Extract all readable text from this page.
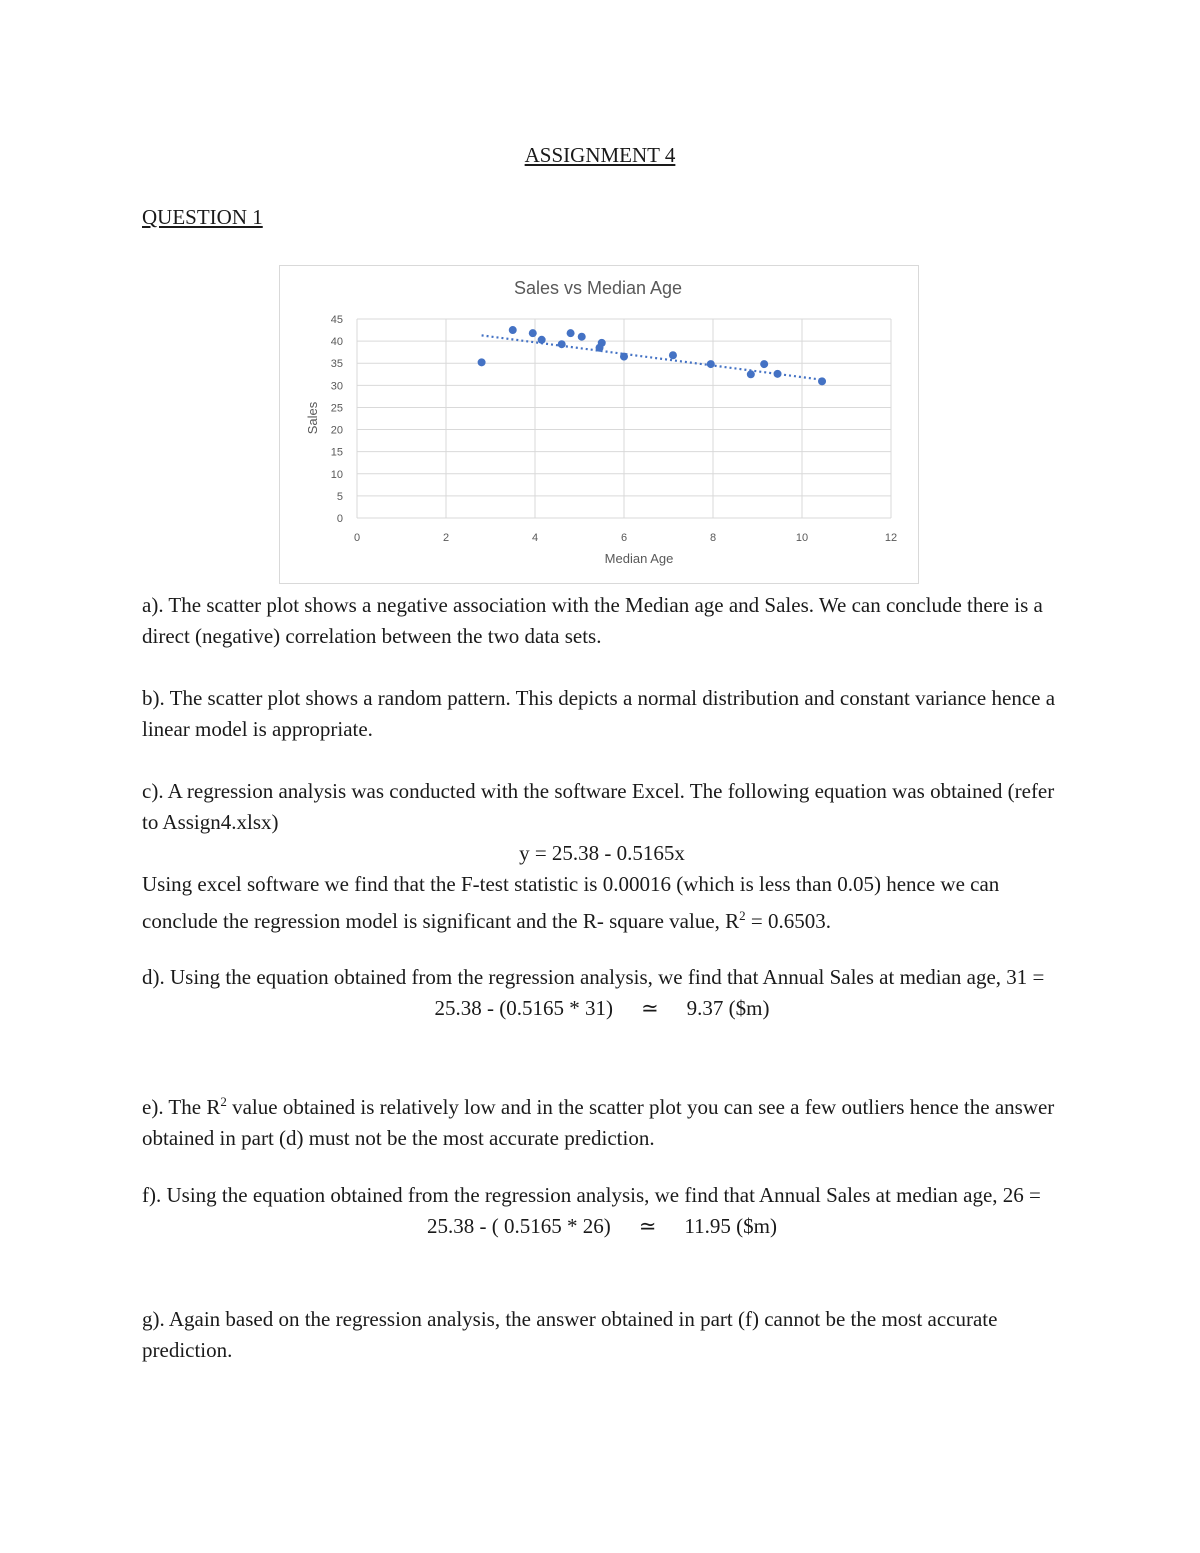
ASSIGNMENT 4
QUESTION 1
Sales vs Median Age
0
5
10
15
20
25
30
35
40
45
0	2	4	6	8	10	12
Median Age
Sales

a). The scatter plot shows a negative association with the Median age and Sales. We can conclude there is a direct (negative) correlation between the two data sets.

b). The scatter plot shows a random pattern. This depicts a normal distribution and constant variance hence a linear model is appropriate.

c). A regression analysis was conducted with the software Excel. The following equation was obtained (refer to Assign4.xlsx)

y = 25.38 - 0.5165x

Using excel software we find that the F-test statistic is 0.00016 (which is less than 0.05) hence we can conclude the regression model is significant and the R- square value, $R^2 = 0.6503$.

d). Using the equation obtained from the regression analysis, we find that Annual Sales at median age, 31 =

25.38 - (0.5165 * 31) ≃ 9.37 ($m)

e). The $R^2$ value obtained is relatively low and in the scatter plot you can see a few outliers hence the answer obtained in part (d) must not be the most accurate prediction.

f). Using the equation obtained from the regression analysis, we find that Annual Sales at median age, 26 =

25.38 - ( 0.5165 * 26) ≃ 11.95 ($m)

g). Again based on the regression analysis, the answer obtained in part (f) cannot be the most accurate prediction.
